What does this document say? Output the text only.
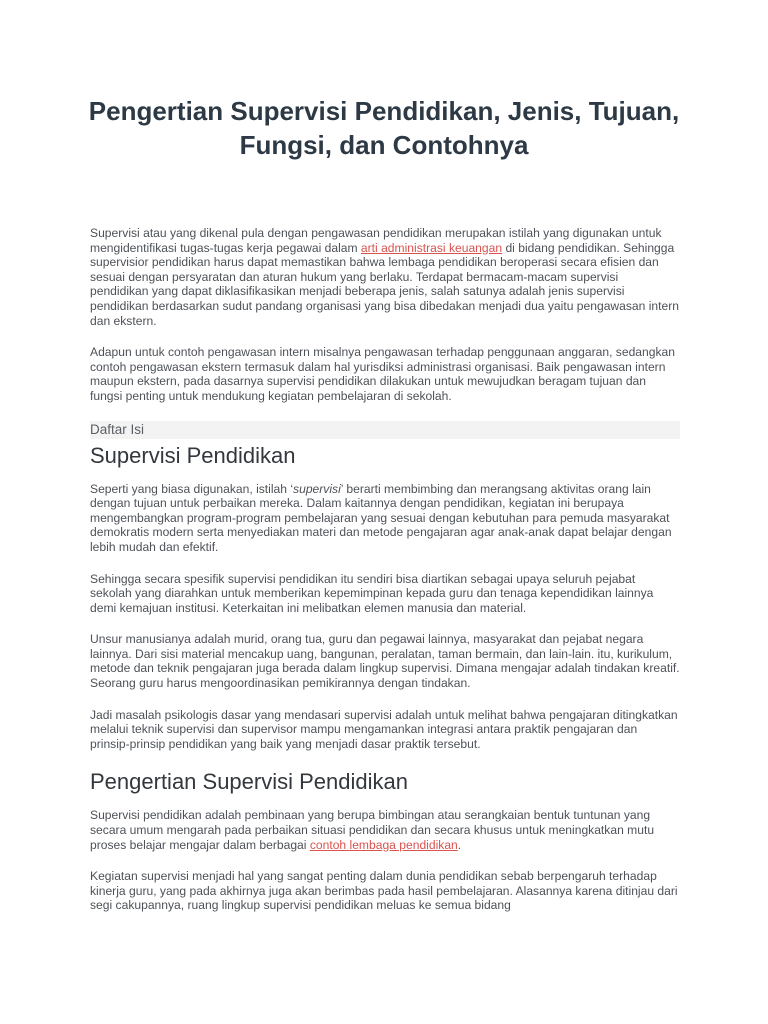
Pengertian Supervisi Pendidikan, Jenis, Tujuan, Fungsi, dan Contohnya

Supervisi atau yang dikenal pula dengan pengawasan pendidikan merupakan istilah yang digunakan untuk mengidentifikasi tugas-tugas kerja pegawai dalam arti administrasi keuangan di bidang pendidikan. Sehingga supervisior pendidikan harus dapat memastikan bahwa lembaga pendidikan beroperasi secara efisien dan sesuai dengan persyaratan dan aturan hukum yang berlaku. Terdapat bermacam-macam supervisi pendidikan yang dapat diklasifikasikan menjadi beberapa jenis, salah satunya adalah jenis supervisi pendidikan berdasarkan sudut pandang organisasi yang bisa dibedakan menjadi dua yaitu pengawasan intern dan ekstern.

Adapun untuk contoh pengawasan intern misalnya pengawasan terhadap penggunaan anggaran, sedangkan contoh pengawasan ekstern termasuk dalam hal yurisdiksi administrasi organisasi. Baik pengawasan intern maupun ekstern, pada dasarnya supervisi pendidikan dilakukan untuk mewujudkan beragam tujuan dan fungsi penting untuk mendukung kegiatan pembelajaran di sekolah.

Daftar Isi
Supervisi Pendidikan

Seperti yang biasa digunakan, istilah ‘supervisi’ berarti membimbing dan merangsang aktivitas orang lain dengan tujuan untuk perbaikan mereka. Dalam kaitannya dengan pendidikan, kegiatan ini berupaya mengembangkan program-program pembelajaran yang sesuai dengan kebutuhan para pemuda masyarakat demokratis modern serta menyediakan materi dan metode pengajaran agar anak-anak dapat belajar dengan lebih mudah dan efektif.

Sehingga secara spesifik supervisi pendidikan itu sendiri bisa diartikan sebagai upaya seluruh pejabat sekolah yang diarahkan untuk memberikan kepemimpinan kepada guru dan tenaga kependidikan lainnya demi kemajuan institusi. Keterkaitan ini melibatkan elemen manusia dan material.

Unsur manusianya adalah murid, orang tua, guru dan pegawai lainnya, masyarakat dan pejabat negara lainnya. Dari sisi material mencakup uang, bangunan, peralatan, taman bermain, dan lain-lain. itu, kurikulum, metode dan teknik pengajaran juga berada dalam lingkup supervisi. Dimana mengajar adalah tindakan kreatif. Seorang guru harus mengoordinasikan pemikirannya dengan tindakan.

Jadi masalah psikologis dasar yang mendasari supervisi adalah untuk melihat bahwa pengajaran ditingkatkan melalui teknik supervisi dan supervisor mampu mengamankan integrasi antara praktik pengajaran dan prinsip-prinsip pendidikan yang baik yang menjadi dasar praktik tersebut.

Pengertian Supervisi Pendidikan

Supervisi pendidikan adalah pembinaan yang berupa bimbingan atau serangkaian bentuk tuntunan yang secara umum mengarah pada perbaikan situasi pendidikan dan secara khusus untuk meningkatkan mutu proses belajar mengajar dalam berbagai contoh lembaga pendidikan.

Kegiatan supervisi menjadi hal yang sangat penting dalam dunia pendidikan sebab berpengaruh terhadap kinerja guru, yang pada akhirnya juga akan berimbas pada hasil pembelajaran. Alasannya karena ditinjau dari segi cakupannya, ruang lingkup supervisi pendidikan meluas ke semua bidang
